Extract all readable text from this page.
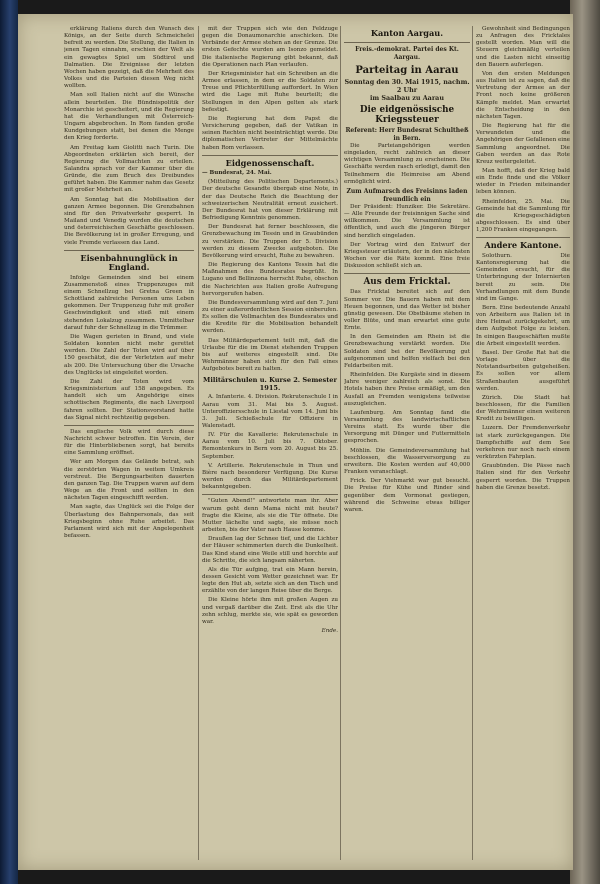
erklärung Italiens durch den Wunsch des Königs, an der Seite durch Schmeichelei befreit zu werden. Die Stellung, die Italien in jenen Tagen einnahm, erschien der Welt als ein gewagtes Spiel um Südtirol und Dalmatien. Die Ereignisse der letzten Wochen haben gezeigt, daß die Mehrheit des Volkes und die Parteien diesen Weg nicht wollten.

Man soll Italien nicht auf die Wünsche allein beurteilen. Die Bündnispolitik der Monarchie ist gescheitert, und die Regierung hat die Verhandlungen mit Österreich-Ungarn abgebrochen. In Rom fanden große Kundgebungen statt, bei denen die Menge den Krieg forderte.

Am Freitag kam Giolitti nach Turin. Die Abgeordneten erklärten sich bereit, der Regierung die Vollmachten zu erteilen. Salandra sprach vor der Kammer über die Gründe, die zum Bruch des Dreibundes geführt haben. Die Kammer nahm das Gesetz mit großer Mehrheit an.

Am Sonntag hat die Mobilisation der ganzen Armee begonnen. Die Grenzbahnen sind für den Privatverkehr gesperrt. In Mailand und Venedig wurden die deutschen und österreichischen Geschäfte geschlossen. Die Bevölkerung ist in großer Erregung, und viele Fremde verlassen das Land.

Eisenbahnunglück in England.

Infolge Gemeinden sind bei einem Zusammenstoß eines Truppenzuges mit einem Schnellzug bei Gretna Green in Schottland zahlreiche Personen ums Leben gekommen. Der Truppenzug fuhr mit großer Geschwindigkeit und stieß mit einem stehenden Lokalzug zusammen. Unmittelbar darauf fuhr der Schnellzug in die Trümmer.

Die Wagen gerieten in Brand, und viele Soldaten konnten nicht mehr gerettet werden. Die Zahl der Toten wird auf über 150 geschätzt, die der Verletzten auf mehr als 200. Die Untersuchung über die Ursache des Unglücks ist eingeleitet worden.

Die Zahl der Toten wird vom Kriegsministerium auf 158 angegeben. Es handelt sich um Angehörige eines schottischen Regiments, die nach Liverpool fahren sollten. Der Stationsvorstand hatte das Signal nicht rechtzeitig gegeben.

Das englische Volk wird durch diese Nachricht schwer betroffen. Ein Verein, der für die Hinterbliebenen sorgt, hat bereits eine Sammlung eröffnet.

Wer am Morgen das Gelände betrat, sah die zerstörten Wagen in weitem Umkreis verstreut. Die Bergungsarbeiten dauerten den ganzen Tag. Die Truppen waren auf dem Wege an die Front und sollten in den nächsten Tagen eingeschifft werden.

Man sagte, das Unglück sei die Folge der Überlastung des Bahnpersonals, das seit Kriegsbeginn ohne Ruhe arbeitet. Das Parlament wird sich mit der Angelegenheit befassen.

mit der Truppen sich wie den Feldzuge gegen die Donaumonarchie anschicken. Die Verbände der Armee stehen an der Grenze. Die ersten Gefechte wurden am Isonzo gemeldet. Die italienische Regierung gibt bekannt, daß die Operationen nach Plan verlaufen.

Der Kriegsminister hat ein Schreiben an die Armee erlassen, in dem er die Soldaten zur Treue und Pflichterfüllung auffordert. In Wien wird die Lage mit Ruhe beurteilt; die Stellungen in den Alpen gelten als stark befestigt.

Die Regierung hat dem Papst die Versicherung gegeben, daß der Vatikan in seinen Rechten nicht beeinträchtigt werde. Die diplomatischen Vertreter der Mittelmächte haben Rom verlassen.

Eidgenossenschaft.

— Bundesrat, 24. Mai.

(Mitteilung des Politischen Departements.) Der deutsche Gesandte übergab eine Note, in der das Deutsche Reich die Beachtung der schweizerischen Neutralität erneut zusichert. Der Bundesrat hat von dieser Erklärung mit Befriedigung Kenntnis genommen.

Der Bundesrat hat ferner beschlossen, die Grenzbewachung im Tessin und in Graubünden zu verstärken. Die Truppen der 5. Division werden zu diesem Zwecke aufgeboten. Die Bevölkerung wird ersucht, Ruhe zu bewahren.

Die Regierung des Kantons Tessin hat die Maßnahmen des Bundesrates begrüßt. In Lugano und Bellinzona herrscht Ruhe, obschon die Nachrichten aus Italien große Aufregung hervorgerufen haben.

Die Bundesversammlung wird auf den 7. Juni zu einer außerordentlichen Session einberufen. Es sollen die Vollmachten des Bundesrates und die Kredite für die Mobilisation behandelt werden.

Das Militärdepartement teilt mit, daß die Urlaube für die im Dienst stehenden Truppen bis auf weiteres eingestellt sind. Die Wehrmänner haben sich für den Fall eines Aufgebotes bereit zu halten.

Militärschulen u. Kurse 2. Semester 1915.

A. Infanterie. 4. Division. Rekrutenschule I in Aarau vom 31. Mai bis 5. August. Unteroffiziersschule in Liestal vom 14. Juni bis 3. Juli. Schießschule für Offiziere in Walenstadt.

IV. Für die Kavallerie: Rekrutenschule in Aarau vom 10. Juli bis 7. Oktober. Remontenkurs in Bern vom 20. August bis 25. September.

V. Artillerie. Rekrutenschule in Thun und Bière nach besonderer Verfügung. Die Kurse werden durch das Militärdepartement bekanntgegeben.

"Guten Abend!" antwortete man ihr. Aber warum geht denn Mama nicht mit heute? fragte die Kleine, als sie die Tür öffnete. Die Mutter lächelte und sagte, sie müsse noch arbeiten, bis der Vater nach Hause komme.

Draußen lag der Schnee tief, und die Lichter der Häuser schimmerten durch die Dunkelheit. Das Kind stand eine Weile still und horchte auf die Schritte, die sich langsam näherten.

Als die Tür aufging, trat ein Mann herein, dessen Gesicht vom Wetter gezeichnet war. Er legte den Hut ab, setzte sich an den Tisch und erzählte von der langen Reise über die Berge.

Die Kleine hörte ihm mit großen Augen zu und vergaß darüber die Zeit. Erst als die Uhr zehn schlug, merkte sie, wie spät es geworden war.

Ende.

Kanton Aargau.
Freis.-demokrat. Partei des Kt. Aargau.
Parteitag in Aarau
Sonntag den 30. Mai 1915, nachm. 2 Uhr
im Saalbau zu Aarau
Die eidgenössische Kriegssteuer
Referent: Herr Bundesrat Schultheß in Bern.

Die Parteiangehörigen werden eingeladen, recht zahlreich an dieser wichtigen Versammlung zu erscheinen. Die Geschäfte werden rasch erledigt, damit den Teilnehmern die Heimreise am Abend ermöglicht wird.

Zum Aufmarsch des Freisinns laden freundlich ein

Der Präsident: Hunziker. Die Sekretäre. — Alle Freunde der freisinnigen Sache sind willkommen. Die Versammlung ist öffentlich, und auch die jüngeren Bürger sind herzlich eingeladen.

Der Vortrag wird den Entwurf der Kriegssteuer erläutern, der in den nächsten Wochen vor die Räte kommt. Eine freie Diskussion schließt sich an.

Aus dem Fricktal.

Das Fricktal bereitet sich auf den Sommer vor. Die Bauern haben mit dem Heuen begonnen, und das Wetter ist bisher günstig gewesen. Die Obstbäume stehen in voller Blüte, und man erwartet eine gute Ernte.

In den Gemeinden am Rhein ist die Grenzbewachung verstärkt worden. Die Soldaten sind bei der Bevölkerung gut aufgenommen und helfen vielfach bei den Feldarbeiten mit.

Rheinfelden. Die Kurgäste sind in diesem Jahre weniger zahlreich als sonst. Die Hotels haben ihre Preise ermäßigt, um den Ausfall an Fremden wenigstens teilweise auszugleichen.

Laufenburg. Am Sonntag fand die Versammlung des landwirtschaftlichen Vereins statt. Es wurde über die Versorgung mit Dünger und Futtermitteln gesprochen.

Möhlin. Die Gemeindeversammlung hat beschlossen, die Wasserversorgung zu erweitern. Die Kosten werden auf 40,000 Franken veranschlagt.

Frick. Der Viehmarkt war gut besucht. Die Preise für Kühe und Rinder sind gegenüber dem Vormonat gestiegen, während die Schweine etwas billiger waren.

Gewohnheit sind Bedingungen zu Anfragen des Fricktales gestellt worden. Man will die Steuern gleichmäßig verteilen und die Lasten nicht einseitig den Bauern auferlegen.

Von den ersten Meldungen aus Italien ist zu sagen, daß die Vertretung der Armee an der Front noch keine größeren Kämpfe meldet. Man erwartet die Entscheidung in den nächsten Tagen.

Die Regierung hat für die Verwundeten und die Angehörigen der Gefallenen eine Sammlung angeordnet. Die Gaben werden an das Rote Kreuz weitergeleitet.

Man hofft, daß der Krieg bald ein Ende finde und die Völker wieder in Frieden miteinander leben können.

Rheinfelden, 25. Mai. Die Gemeinde hat die Sammlung für die Kriegsgeschädigten abgeschlossen. Es sind über 1,200 Franken eingegangen.

Andere Kantone.

Solothurn. Die Kantonsregierung hat die Gemeinden ersucht, für die Unterbringung der Internierten bereit zu sein. Die Verhandlungen mit dem Bunde sind im Gange.

Bern. Eine bedeutende Anzahl von Arbeitern aus Italien ist in ihre Heimat zurückgekehrt, um dem Aufgebot Folge zu leisten. In einigen Baugeschäften mußte die Arbeit eingestellt werden.

Basel. Der Große Rat hat die Vorlage über die Notstandsarbeiten gutgeheißen. Es sollen vor allem Straßenbauten ausgeführt werden.

Zürich. Die Stadt hat beschlossen, für die Familien der Wehrmänner einen weiteren Kredit zu bewilligen.

Luzern. Der Fremdenverkehr ist stark zurückgegangen. Die Dampfschiffe auf dem See verkehren nur noch nach einem verkürzten Fahrplan.

Graubünden. Die Pässe nach Italien sind für den Verkehr gesperrt worden. Die Truppen haben die Grenze besetzt.
